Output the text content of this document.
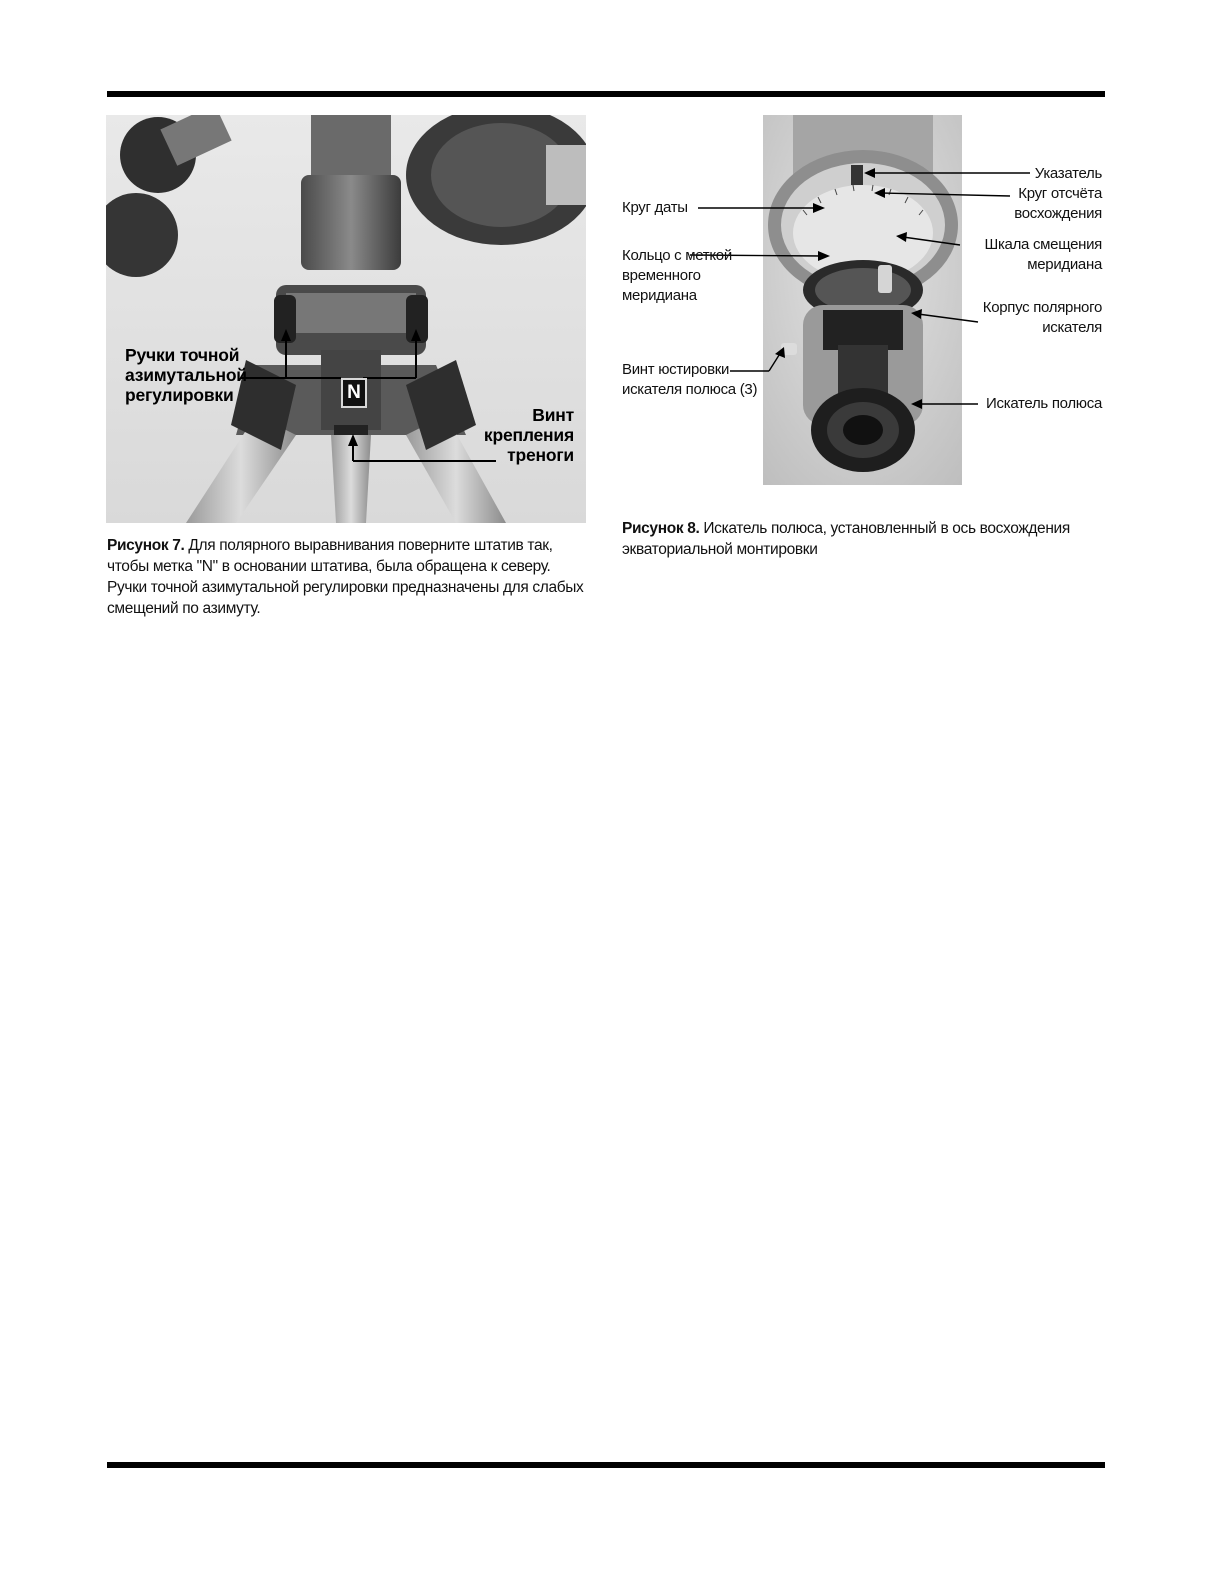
Ручки точной
азимутальной
регулировки	N
Винт
крепления
треноги
Рисунок 7. Для полярного выравнивания поверните штатив так, чтобы метка "N" в основании штатива, была обращена к северу. Ручки точной азимутальной регулировки предназначены для слабых смещений по азимуту.
Указатель
Круг отсчёта восхождения
Круг даты
Шкала смещения меридиана
Кольцо с меткой временного меридиана
Корпус полярного искателя
Винт юстировки искателя полюса (3)
Искатель полюса
Рисунок 8. Искатель полюса, установленный в ось восхождения экваториальной монтировки
